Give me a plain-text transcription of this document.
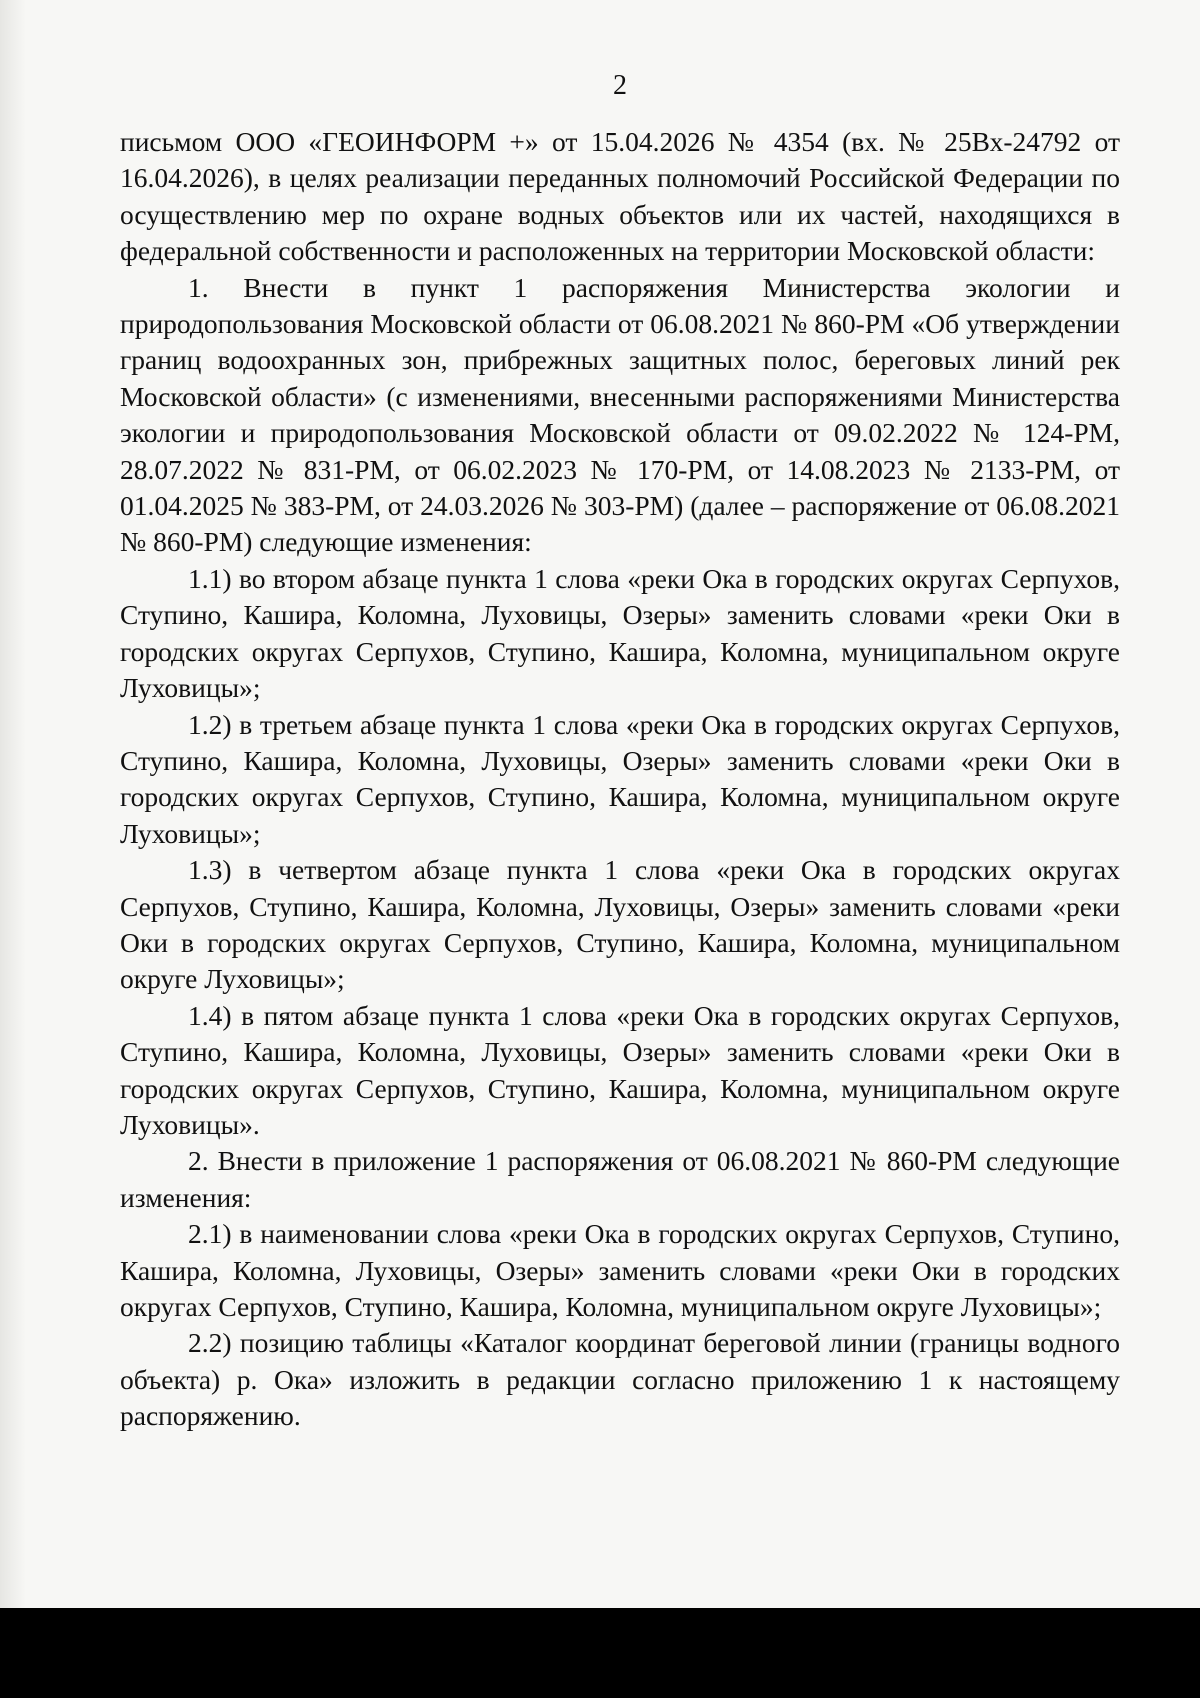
2

письмом ООО «ГЕОИНФОРМ +» от 15.04.2026 № 4354 (вх. № 25Вх-24792 от 16.04.2026), в целях реализации переданных полномочий Российской Федерации по осуществлению мер по охране водных объектов или их частей, находящихся в федеральной собственности и расположенных на территории Московской области:

1. Внести в пункт 1 распоряжения Министерства экологии и природопользования Московской области от 06.08.2021 № 860-РМ «Об утверждении границ водоохранных зон, прибрежных защитных полос, береговых линий рек Московской области» (с изменениями, внесенными распоряжениями Министерства экологии и природопользования Московской области от 09.02.2022 № 124-РМ, 28.07.2022 № 831-РМ, от 06.02.2023 № 170-РМ, от 14.08.2023 № 2133-РМ, от 01.04.2025 № 383-РМ, от 24.03.2026 № 303-РМ) (далее – распоряжение от 06.08.2021 № 860-РМ) следующие изменения:

1.1) во втором абзаце пункта 1 слова «реки Ока в городских округах Серпухов, Ступино, Кашира, Коломна, Луховицы, Озеры» заменить словами «реки Оки в городских округах Серпухов, Ступино, Кашира, Коломна, муниципальном округе Луховицы»;

1.2) в третьем абзаце пункта 1 слова «реки Ока в городских округах Серпухов, Ступино, Кашира, Коломна, Луховицы, Озеры» заменить словами «реки Оки в городских округах Серпухов, Ступино, Кашира, Коломна, муниципальном округе Луховицы»;

1.3) в четвертом абзаце пункта 1 слова «реки Ока в городских округах Серпухов, Ступино, Кашира, Коломна, Луховицы, Озеры» заменить словами «реки Оки в городских округах Серпухов, Ступино, Кашира, Коломна, муниципальном округе Луховицы»;

1.4) в пятом абзаце пункта 1 слова «реки Ока в городских округах Серпухов, Ступино, Кашира, Коломна, Луховицы, Озеры» заменить словами «реки Оки в городских округах Серпухов, Ступино, Кашира, Коломна, муниципальном округе Луховицы».

2. Внести в приложение 1 распоряжения от 06.08.2021 № 860-РМ следующие изменения:

2.1) в наименовании слова «реки Ока в городских округах Серпухов, Ступино, Кашира, Коломна, Луховицы, Озеры» заменить словами «реки Оки в городских округах Серпухов, Ступино, Кашира, Коломна, муниципальном округе Луховицы»;

2.2) позицию таблицы «Каталог координат береговой линии (границы водного объекта) р. Ока» изложить в редакции согласно приложению 1 к настоящему распоряжению.
